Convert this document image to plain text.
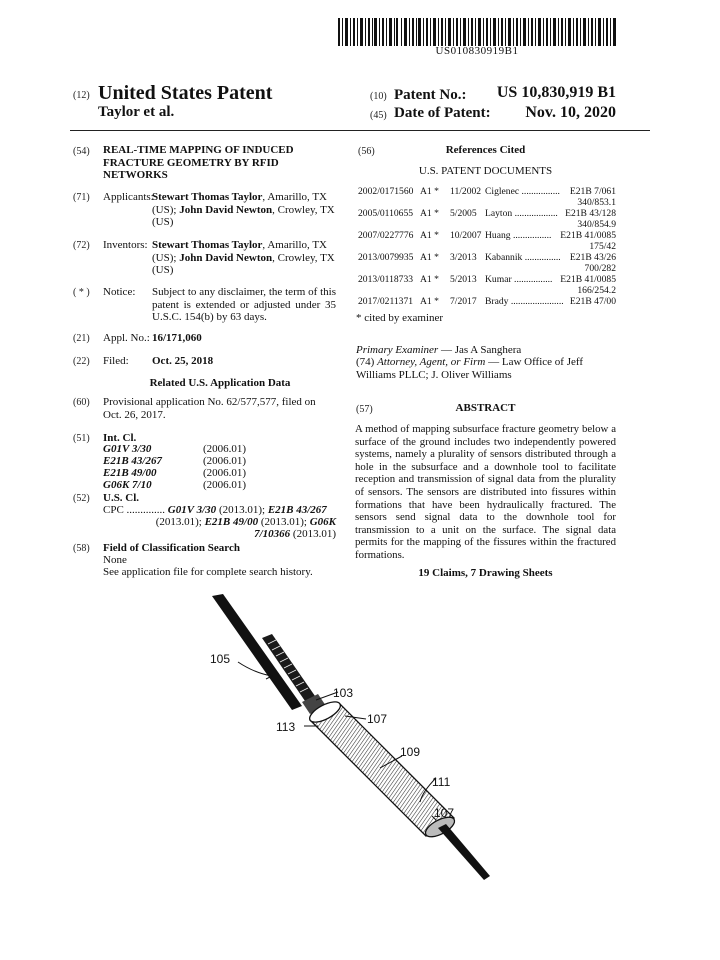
US010830919B1
(12) United States Patent
Taylor et al.
(10) Patent No.:	US 10,830,919 B1
(45) Date of Patent:	Nov. 10, 2020
(54) REAL-TIME MAPPING OF INDUCED FRACTURE GEOMETRY BY RFID NETWORKS
(71) Applicants:
Stewart Thomas Taylor, Amarillo, TX (US); John David Newton, Crowley, TX (US)
(72) Inventors: Stewart Thomas Taylor, Amarillo, TX (US); John David Newton, Crowley, TX (US)
( * ) Notice: Subject to any disclaimer, the term of this patent is extended or adjusted under 35 U.S.C. 154(b) by 63 days.
(21) Appl. No.: 16/171,060
(22) Filed: Oct. 25, 2018
Related U.S. Application Data
(60) Provisional application No. 62/577,577, filed on Oct. 26, 2017.
(51) Int. Cl.
G01V 3/30	(2006.01)
E21B 43/267	(2006.01)
E21B 49/00	(2006.01)
G06K 7/10	(2006.01)
(52) U.S. Cl.
CPC .............. G01V 3/30 (2013.01); E21B 43/267
(2013.01); E21B 49/00 (2013.01); G06K
7/10366 (2013.01)
(58) Field of Classification Search
None
See application file for complete search history.
(56)	References Cited
U.S. PATENT DOCUMENTS
2002/0171560 A1 * 11/2002 Ciglenec ................ E21B 7/061
340/853.1
2005/0110655 A1 * 5/2005 Layton .................. E21B 43/128
340/854.9
2007/0227776 A1 * 10/2007 Huang ................ E21B 41/0085
175/42
2013/0079935 A1 * 3/2013 Kabannik ............... E21B 43/26
700/282
2013/0118733 A1 * 5/2013 Kumar ................ E21B 41/0085
166/254.2
2017/0211371 A1 * 7/2017 Brady ...................... E21B 47/00
* cited by examiner
Primary Examiner — Jas A Sanghera
(74) Attorney, Agent, or Firm — Law Office of Jeff Williams PLLC; J. Oliver Williams
(57)	ABSTRACT
A method of mapping subsurface fracture geometry below a surface of the ground includes two independently powered systems, namely a plurality of sensors distributed through a hole in the subsurface and a downhole tool to facilitate reception and transmission of signal data from the plurality of sensors. The sensors are distributed into fissures within formations that have been hydraulically fractured. The sensors send signal data to the downhole tool for transmission to a unit on the surface. The signal data permits for the mapping of the fissures within the fractured formations.
19 Claims, 7 Drawing Sheets
105
103
107
113
109
111
107
